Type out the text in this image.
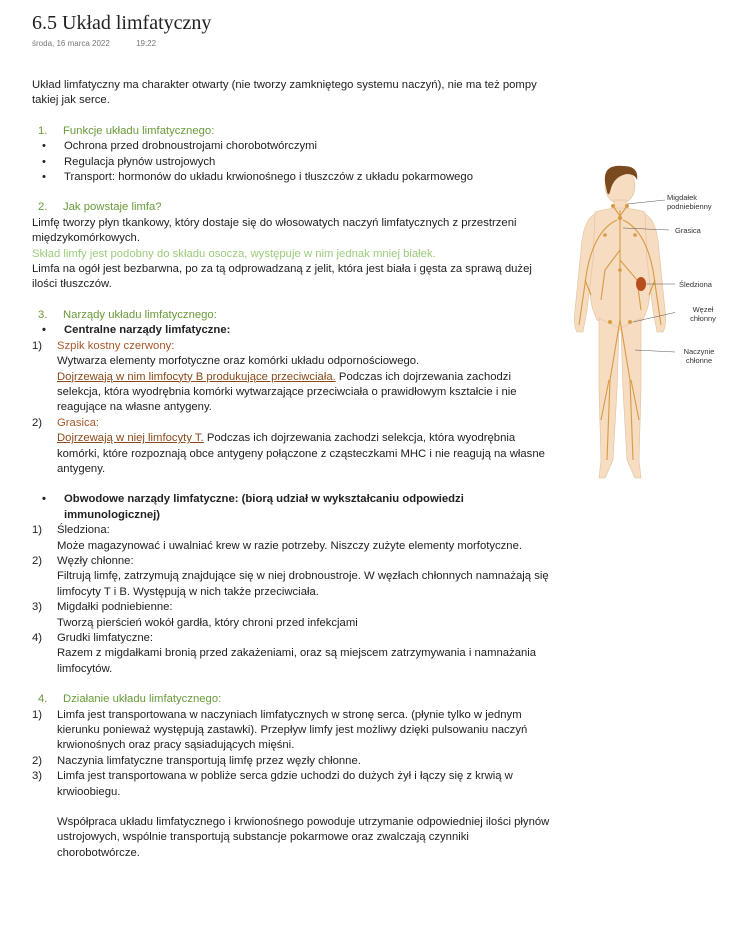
6.5 Układ limfatyczny
środa, 16 marca 2022	19:22

Układ limfatyczny ma charakter otwarty (nie tworzy zamkniętego systemu naczyń), nie ma też pompy takiej jak serce.

1.	Funkcje układu limfatycznego:
•	Ochrona przed drobnoustrojami chorobotwórczymi
•	Regulacja płynów ustrojowych
•	Transport: hormonów do układu krwionośnego i tłuszczów z układu pokarmowego
2.	Jak powstaje limfa?

Limfę tworzy płyn tkankowy, który dostaje się do włosowatych naczyń limfatycznych z przestrzeni międzykomórkowych.

Skład limfy jest podobny do składu osocza, występuje w nim jednak mniej białek.

Limfa na ogół jest bezbarwna, po za tą odprowadzaną z jelit, która jest biała i gęsta za sprawą dużej ilości tłuszczów.

3.	Narządy układu limfatycznego:
•	Centralne narządy limfatyczne:
1)	Szpik kostny czerwony:
Wytwarza elementy morfotyczne oraz komórki układu odpornościowego.
Dojrzewają w nim limfocyty B produkujące przeciwciała. Podczas ich dojrzewania zachodzi selekcja, która wyodrębnia komórki wytwarzające przeciwciała o prawidłowym kształcie i nie reagujące na własne antygeny.
2)	Grasica:
Dojrzewają w niej limfocyty T. Podczas ich dojrzewania zachodzi selekcja, która wyodrębnia komórki, które rozpoznają obce antygeny połączone z cząsteczkami MHC i nie reagują na własne antygeny.
•	Obwodowe narządy limfatyczne: (biorą udział w wykształcaniu odpowiedzi immunologicznej)
1)	Śledziona:
Może magazynować i uwalniać krew w razie potrzeby. Niszczy zużyte elementy morfotyczne.
2)	Węzły chłonne:
Filtrują limfę, zatrzymują znajdujące się w niej drobnoustroje. W węzłach chłonnych namnażają się limfocyty T i B. Występują w nich także przeciwciała.
3)	Migdałki podniebienne:
Tworzą pierścień wokół gardła, który chroni przed infekcjami
4)	Grudki limfatyczne:
Razem z migdałkami bronią przed zakażeniami, oraz są miejscem zatrzymywania i namnażania limfocytów.
4.	Działanie układu limfatycznego:
1)	Limfa jest transportowana w naczyniach limfatycznych w stronę serca. (płynie tylko w jednym kierunku ponieważ występują zastawki). Przepływ limfy jest możliwy dzięki pulsowaniu naczyń krwionośnych oraz pracy sąsiadujących mięśni.
2)	Naczynia limfatyczne transportują limfę przez węzły chłonne.
3)	Limfa jest transportowana w pobliże serca gdzie uchodzi do dużych żył i łączy się z krwią w krwioobiegu.

Współpraca układu limfatycznego i krwionośnego powoduje utrzymanie odpowiedniej ilości płynów ustrojowych, wspólnie transportują substancje pokarmowe oraz zwalczają czynniki chorobotwórcze.

Migdałek podniebienny
Grasica
Śledziona
Węzeł chłonny
Naczynie chłonne
